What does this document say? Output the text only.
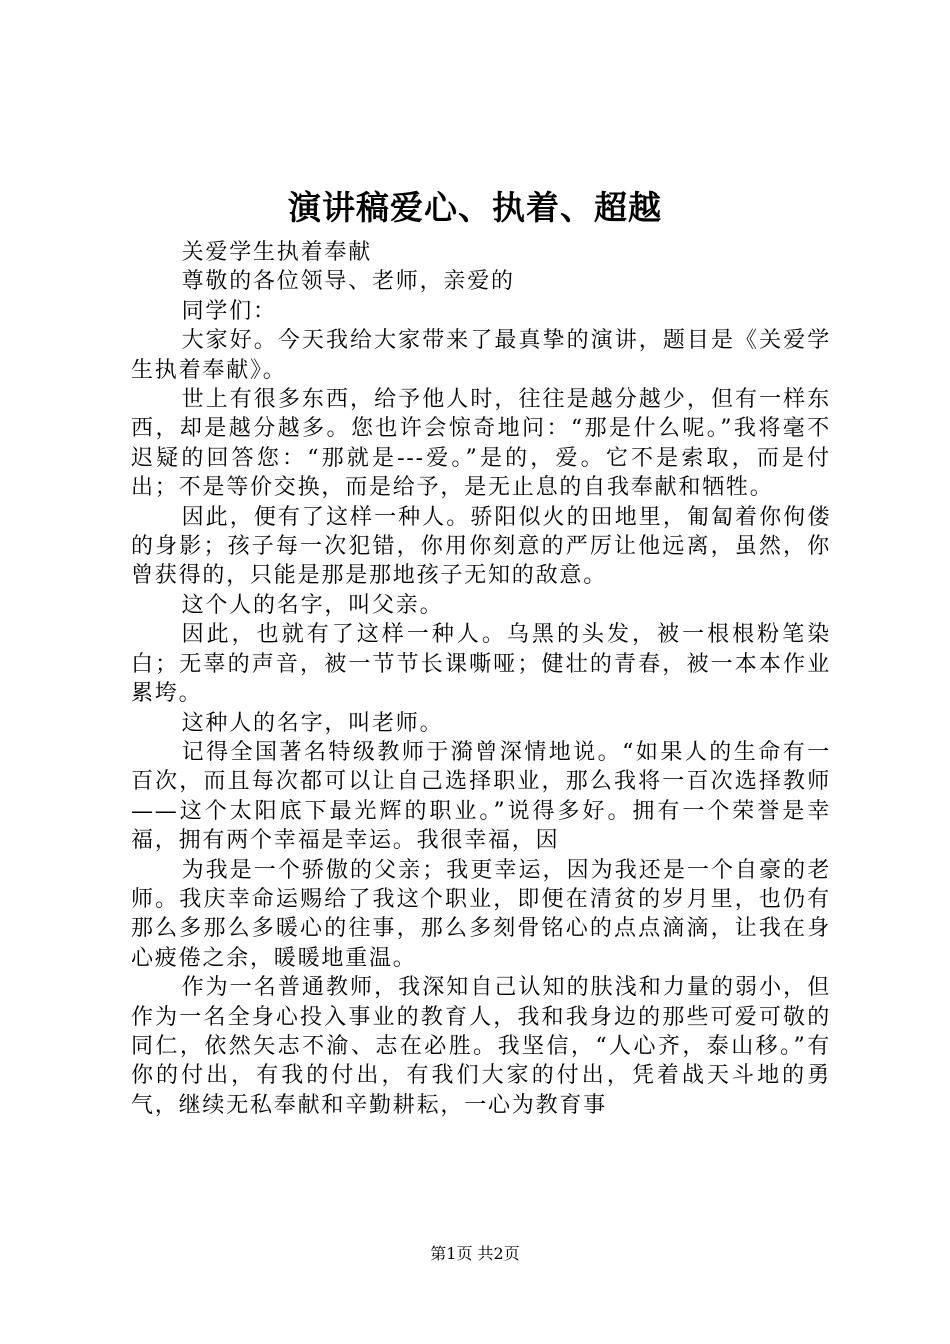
演讲稿爱心、执着、超越

关爱学生执着奉献

尊敬的各位领导、老师，亲爱的

同学们：

大家好。今天我给大家带来了最真挚的演讲，题目是《关爱学生执着奉献》。

世上有很多东西，给予他人时，往往是越分越少，但有一样东西，却是越分越多。您也许会惊奇地问：“那是什么呢。”我将毫不迟疑的回答您：“那就是---爱。”是的，爱。它不是索取，而是付出；不是等价交换，而是给予，是无止息的自我奉献和牺牲。

因此，便有了这样一种人。骄阳似火的田地里，匍匐着你佝偻的身影；孩子每一次犯错，你用你刻意的严厉让他远离，虽然，你曾获得的，只能是那是那地孩子无知的敌意。

这个人的名字，叫父亲。

因此，也就有了这样一种人。乌黑的头发，被一根根粉笔染白；无辜的声音，被一节节长课嘶哑；健壮的青春，被一本本作业累垮。

这种人的名字，叫老师。

记得全国著名特级教师于漪曾深情地说。“如果人的生命有一百次，而且每次都可以让自己选择职业，那么我将一百次选择教师——这个太阳底下最光辉的职业。”说得多好。拥有一个荣誉是幸福，拥有两个幸福是幸运。我很幸福，因

为我是一个骄傲的父亲；我更幸运，因为我还是一个自豪的老师。我庆幸命运赐给了我这个职业，即便在清贫的岁月里，也仍有那么多那么多暖心的往事，那么多刻骨铭心的点点滴滴，让我在身心疲倦之余，暖暖地重温。

作为一名普通教师，我深知自己认知的肤浅和力量的弱小，但作为一名全身心投入事业的教育人，我和我身边的那些可爱可敬的同仁，依然矢志不渝、志在必胜。我坚信，“人心齐，泰山移。”有你的付出，有我的付出，有我们大家的付出，凭着战天斗地的勇气，继续无私奉献和辛勤耕耘，一心为教育事

第1页 共2页
